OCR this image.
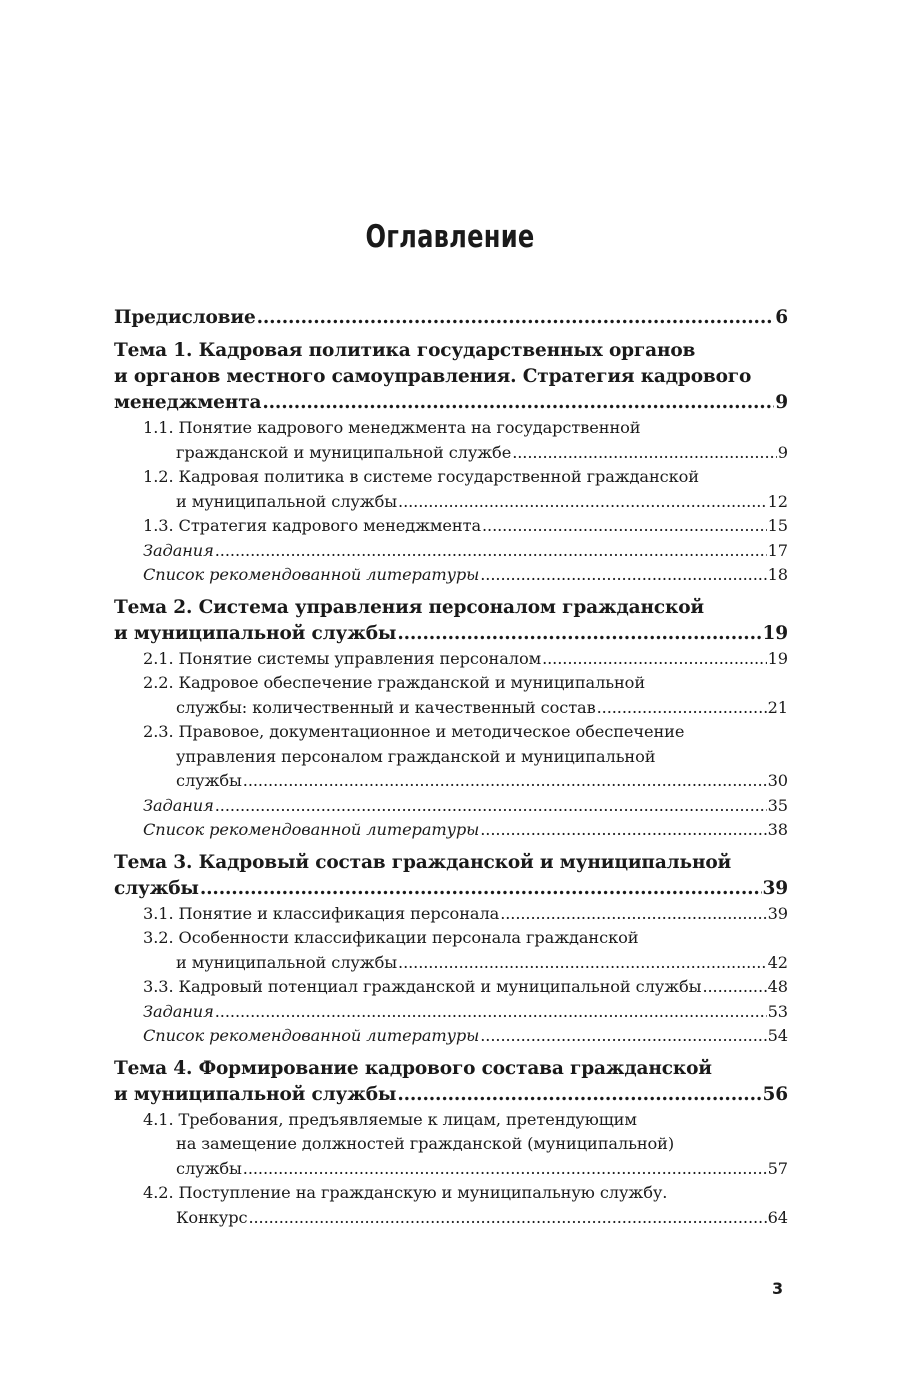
Оглавление
Предисловие .....	6
Тема 1. Кадровая политика государственных органов
и органов местного самоуправления. Стратегия кадрового
менеджмента .....	9
1.1. Понятие кадрового менеджмента на государственной
гражданской и муниципальной службе .....	9
1.2. Кадровая политика в системе государственной гражданской
и муниципальной службы .....	12
1.3. Стратегия кадрового менеджмента .....	15
Задания .....	17
Список рекомендованной литературы .....	18
Тема 2. Система управления персоналом гражданской
и муниципальной службы .....	19
2.1. Понятие системы управления персоналом .....	19
2.2. Кадровое обеспечение гражданской и муниципальной
службы: количественный и качественный состав .....	21
2.3. Правовое, документационное и методическое обеспечение
управления персоналом гражданской и муниципальной
службы .....	30
Задания .....	35
Список рекомендованной литературы .....	38
Тема 3. Кадровый состав гражданской и муниципальной
службы .....	39
3.1. Понятие и классификация персонала .....	39
3.2. Особенности классификации персонала гражданской
и муниципальной службы .....	42
3.3. Кадровый потенциал гражданской и муниципальной службы .....	48
Задания .....	53
Список рекомендованной литературы .....	54
Тема 4. Формирование кадрового состава гражданской
и муниципальной службы .....	56
4.1. Требования, предъявляемые к лицам, претендующим
на замещение должностей гражданской (муниципальной)
службы .....	57
4.2. Поступление на гражданскую и муниципальную службу.
Конкурс .....	64
3
